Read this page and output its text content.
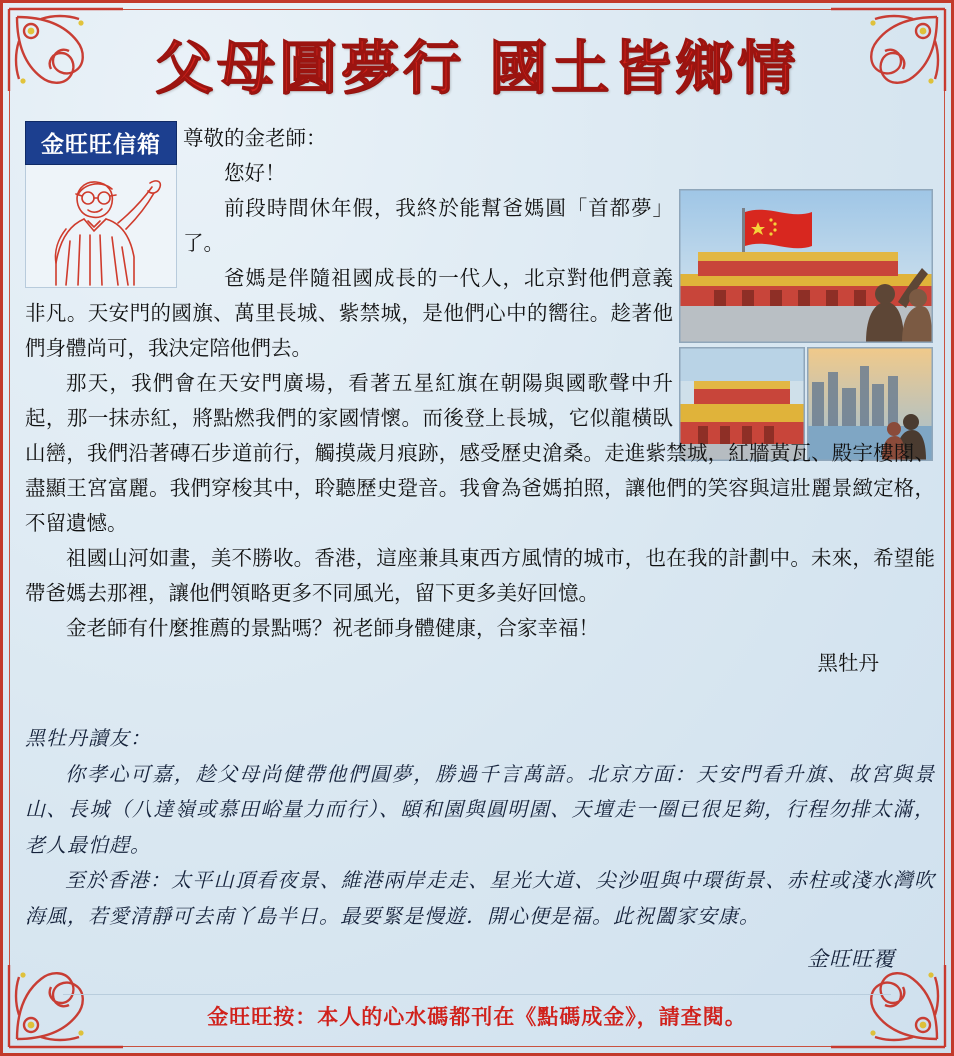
父母圓夢行 國土皆鄉情
金旺旺信箱	尊敬的金老師：

您好！

前段時間休年假，我終於能幫爸媽圓「首都夢」了。

爸媽是伴隨祖國成長的一代人，北京對他們意義非凡。天安門的國旗、萬里長城、紫禁城，是他們心中的嚮往。趁著他們身體尚可，我決定陪他們去。

那天，我們會在天安門廣場，看著五星紅旗在朝陽與國歌聲中升起，那一抹赤紅，將點燃我們的家國情懷。而後登上長城，它似龍橫臥山巒，我們沿著磚石步道前行，觸摸歲月痕跡，感受歷史滄桑。走進紫禁城，紅牆黃瓦、殿宇樓閣、盡顯王宮富麗。我們穿梭其中，聆聽歷史跫音。我會為爸媽拍照，讓他們的笑容與這壯麗景緻定格，不留遺憾。

祖國山河如畫，美不勝收。香港，這座兼具東西方風情的城市，也在我的計劃中。未來，希望能帶爸媽去那裡，讓他們領略更多不同風光，留下更多美好回憶。

金老師有什麼推薦的景點嗎？祝老師身體健康，合家幸福！

黑牡丹

黑牡丹讀友：

你孝心可嘉，趁父母尚健帶他們圓夢，勝過千言萬語。北京方面：天安門看升旗、故宮與景山、長城（八達嶺或慕田峪量力而行）、頤和園與圓明園、天壇走一圈已很足夠，行程勿排太滿，老人最怕趕。

至於香港：太平山頂看夜景、維港兩岸走走、星光大道、尖沙咀與中環街景、赤柱或淺水灣吹海風，若愛清靜可去南丫島半日。最要緊是慢遊．開心便是福。此祝闔家安康。

金旺旺覆

金旺旺按：本人的心水碼都刊在《點碼成金》，請查閱。
